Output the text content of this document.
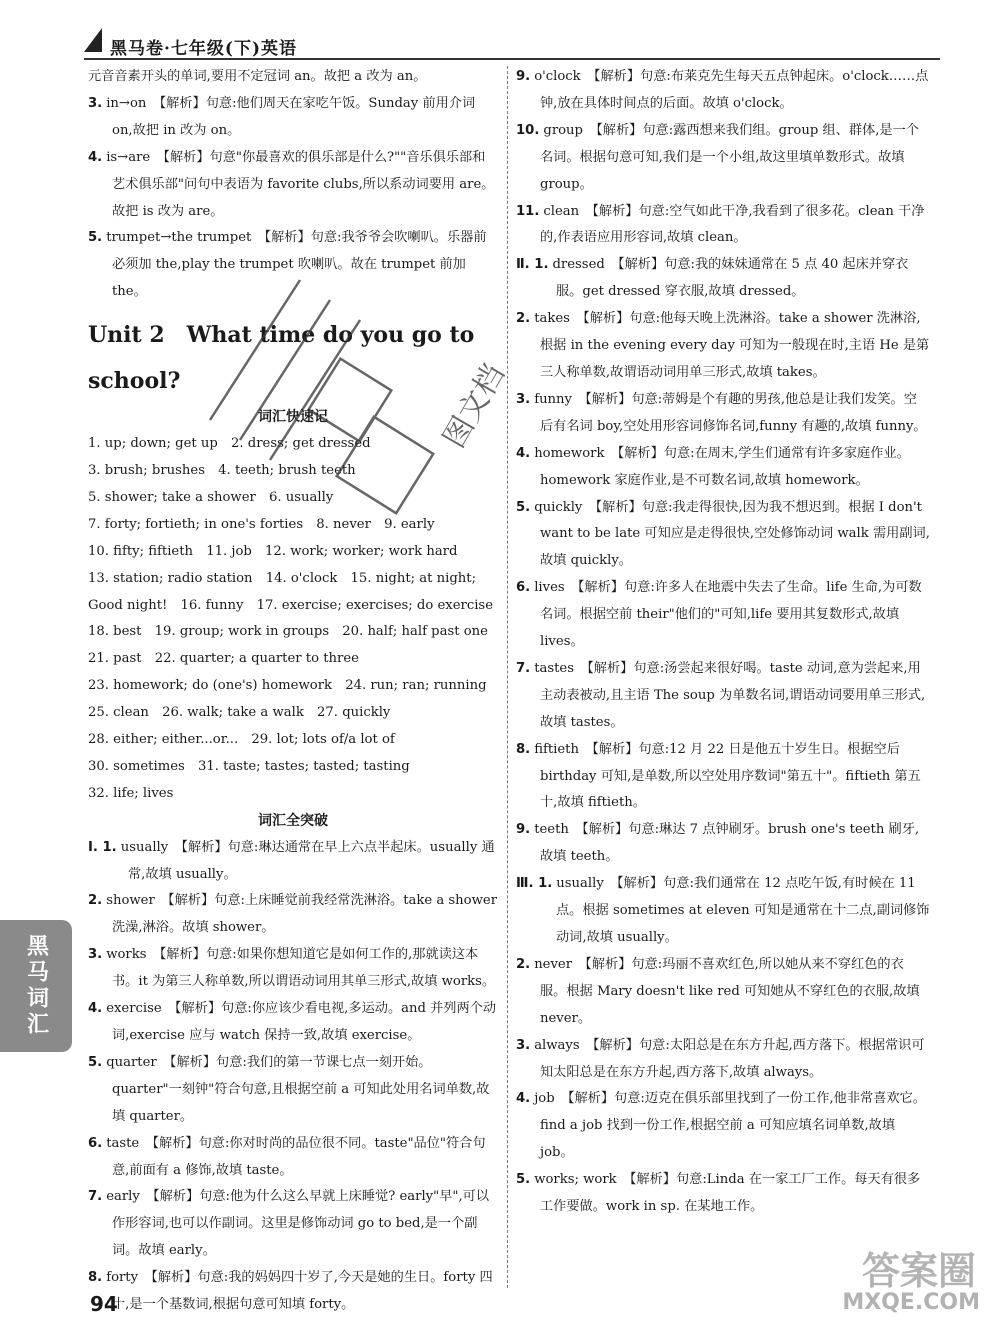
黑马卷·七年级(下)英语

元音音素开头的单词,要用不定冠词 an。故把 a 改为 an。

3. in→on　 【解析】句意:他们周天在家吃午饭。Sunday 前用介词 on,故把 in 改为 on。

4. is→are　 【解析】句意"你最喜欢的俱乐部是什么?""音乐俱乐部和艺术俱乐部"问句中表语为 favorite clubs,所以系动词要用 are。故把 is 改为 are。

5. trumpet→the trumpet　 【解析】句意:我爷爷会吹喇叭。乐器前必须加 the,play the trumpet 吹喇叭。故在 trumpet 前加 the。

Unit 2　What time do you go to school?

词汇快速记

1. up; down; get up　2. dress; get dressed

3. brush; brushes　4. teeth; brush teeth

5. shower; take a shower　6. usually

7. forty; fortieth; in one's forties　8. never　9. early

10. fifty; fiftieth　11. job　12. work; worker; work hard

13. station; radio station　14. o'clock　15. night; at night; Good night!　16. funny　17. exercise; exercises; do exercise　18. best　19. group; work in groups　20. half; half past one　21. past　22. quarter; a quarter to three

23. homework; do (one's) homework　24. run; ran; running

25. clean　26. walk; take a walk　27. quickly

28. either; either...or...　29. lot; lots of/a lot of

30. sometimes　31. taste; tastes; tasted; tasting

32. life; lives

词汇全突破

Ⅰ. 1. usually　 【解析】句意:琳达通常在早上六点半起床。usually 通常,故填 usually。

2. shower　 【解析】句意:上床睡觉前我经常洗淋浴。take a shower 洗澡,淋浴。故填 shower。

3. works　 【解析】句意:如果你想知道它是如何工作的,那就读这本书。it 为第三人称单数,所以谓语动词用其单三形式,故填 works。

4. exercise　 【解析】句意:你应该少看电视,多运动。and 并列两个动词,exercise 应与 watch 保持一致,故填 exercise。

5. quarter　 【解析】句意:我们的第一节课七点一刻开始。quarter"一刻钟"符合句意,且根据空前 a 可知此处用名词单数,故填 quarter。

6. taste　 【解析】句意:你对时尚的品位很不同。taste"品位"符合句意,前面有 a 修饰,故填 taste。

7. early　 【解析】句意:他为什么这么早就上床睡觉? early"早",可以作形容词,也可以作副词。这里是修饰动词 go to bed,是一个副词。故填 early。

8. forty　 【解析】句意:我的妈妈四十岁了,今天是她的生日。forty 四十,是一个基数词,根据句意可知填 forty。

9. o'clock　 【解析】句意:布莱克先生每天五点钟起床。o'clock……点钟,放在具体时间点的后面。故填 o'clock。

10. group　 【解析】句意:露西想来我们组。group 组、群体,是一个名词。根据句意可知,我们是一个小组,故这里填单数形式。故填 group。

11. clean　 【解析】句意:空气如此干净,我看到了很多花。clean 干净的,作表语应用形容词,故填 clean。

Ⅱ. 1. dressed　 【解析】句意:我的妹妹通常在 5 点 40 起床并穿衣服。get dressed 穿衣服,故填 dressed。

2. takes　 【解析】句意:他每天晚上洗淋浴。take a shower 洗淋浴,根据 in the evening every day 可知为一般现在时,主语 He 是第三人称单数,故谓语动词用单三形式,故填 takes。

3. funny　 【解析】句意:蒂姆是个有趣的男孩,他总是让我们发笑。空后有名词 boy,空处用形容词修饰名词,funny 有趣的,故填 funny。

4. homework　 【解析】句意:在周末,学生们通常有许多家庭作业。homework 家庭作业,是不可数名词,故填 homework。

5. quickly　 【解析】句意:我走得很快,因为我不想迟到。根据 I don't want to be late 可知应是走得很快,空处修饰动词 walk 需用副词,故填 quickly。

6. lives　 【解析】句意:许多人在地震中失去了生命。life 生命,为可数名词。根据空前 their"他们的"可知,life 要用其复数形式,故填 lives。

7. tastes　 【解析】句意:汤尝起来很好喝。taste 动词,意为尝起来,用主动表被动,且主语 The soup 为单数名词,谓语动词要用单三形式,故填 tastes。

8. fiftieth　 【解析】句意:12 月 22 日是他五十岁生日。根据空后 birthday 可知,是单数,所以空处用序数词"第五十"。fiftieth 第五十,故填 fiftieth。

9. teeth　 【解析】句意:琳达 7 点钟刷牙。brush one's teeth 刷牙,故填 teeth。

Ⅲ. 1. usually　 【解析】句意:我们通常在 12 点吃午饭,有时候在 11 点。根据 sometimes at eleven 可知是通常在十二点,副词修饰动词,故填 usually。

2. never　 【解析】句意:玛丽不喜欢红色,所以她从来不穿红色的衣服。根据 Mary doesn't like red 可知她从不穿红色的衣服,故填 never。

3. always　 【解析】句意:太阳总是在东方升起,西方落下。根据常识可知太阳总是在东方升起,西方落下,故填 always。

4. job　 【解析】句意:迈克在俱乐部里找到了一份工作,他非常喜欢它。find a job 找到一份工作,根据空前 a 可知应填名词单数,故填 job。

5. works; work　 【解析】句意:Linda 在一家工厂工作。每天有很多工作要做。work in sp. 在某地工作。

黑马词汇
94
图文档
答案圈
MXQE.COM
